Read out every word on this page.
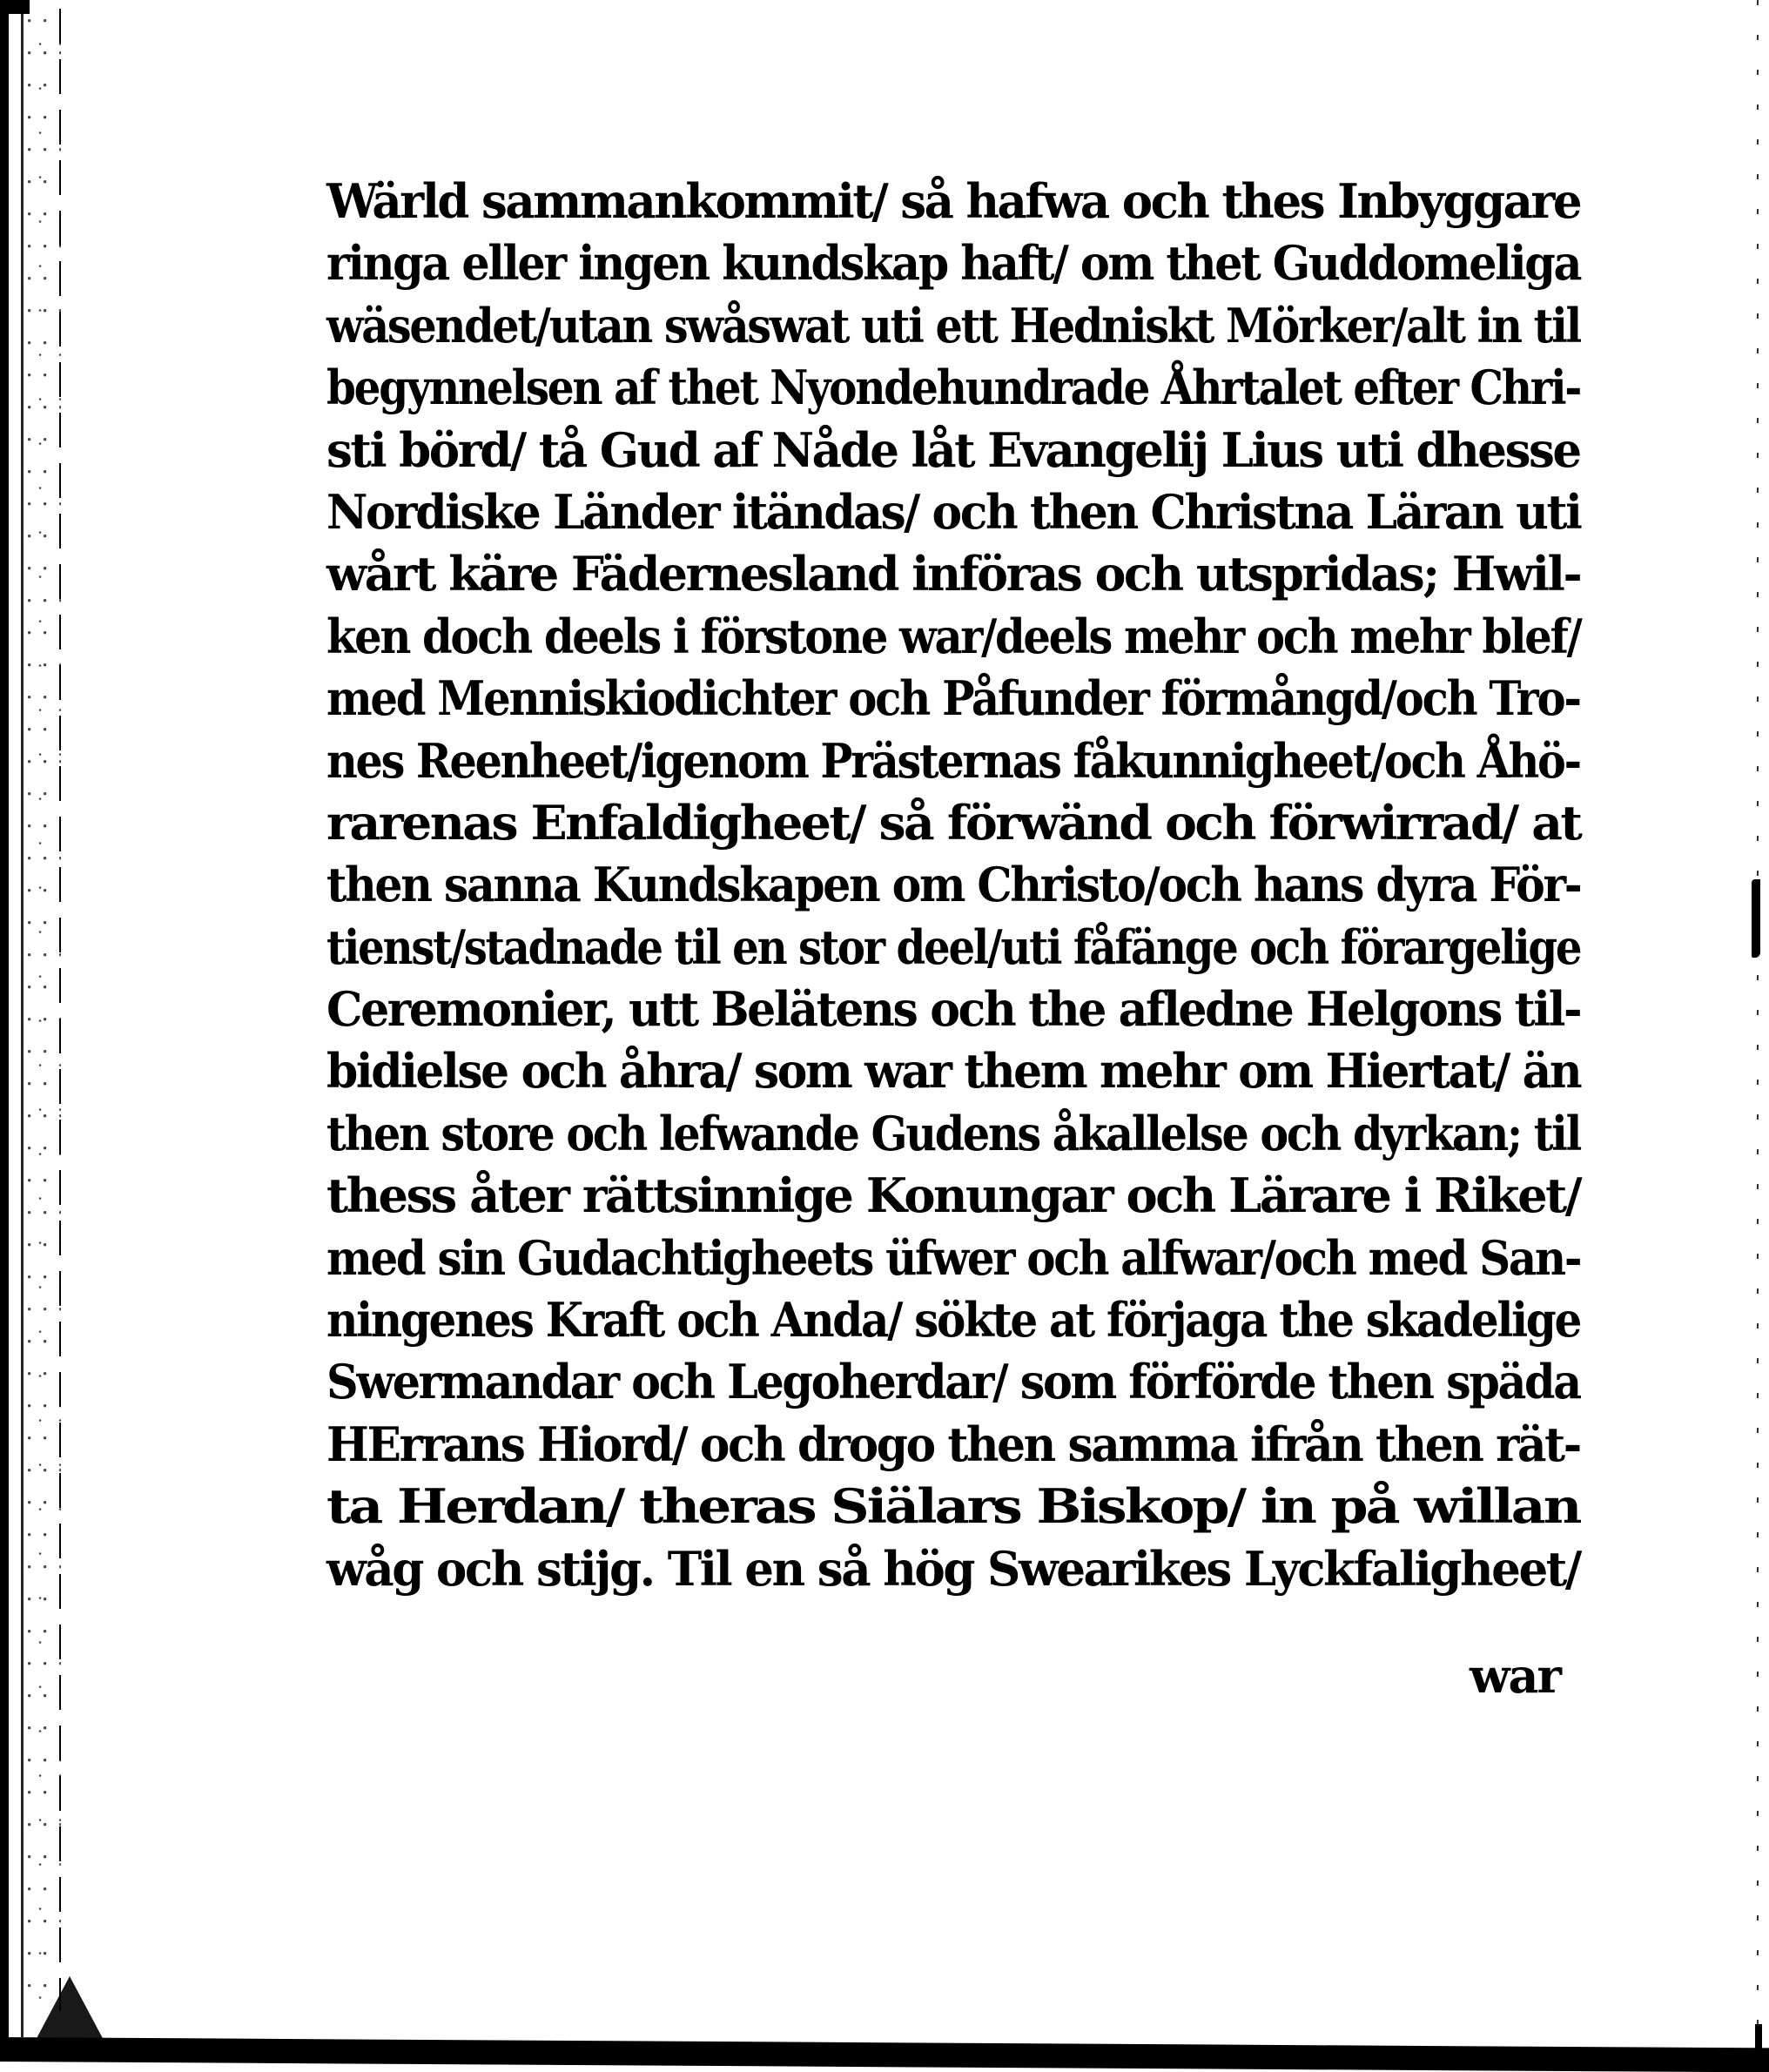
Wärld sammankommit/ så hafwa och thes Inbyggare
ringa eller ingen kundskap haft/ om thet Guddomeliga
wäsendet/utan swåswat uti ett Hedniskt Mörker/alt in til
begynnelsen af thet Nyondehundrade Åhrtalet efter Chri-
sti börd/ tå Gud af Nåde låt Evangelij Lius uti dhesse
Nordiske Länder itändas/ och then Christna Läran uti
wårt käre Fädernesland införas och utspridas; Hwil-
ken doch deels i förstone war/deels mehr och mehr blef/
med Menniskiodichter och Påfunder förmångd/och Tro-
nes Reenheet/igenom Prästernas fåkunnigheet/och Åhö-
rarenas Enfaldigheet/ så förwänd och förwirrad/ at
then sanna Kundskapen om Christo/och hans dyra För-
tienst/stadnade til en stor deel/uti fåfänge och förargelige
Ceremonier, utt Belätens och the afledne Helgons til-
bidielse och åhra/ som war them mehr om Hiertat/ än
then store och lefwande Gudens åkallelse och dyrkan; til
thess åter rättsinnige Konungar och Lärare i Riket/
med sin Gudachtigheets üfwer och alfwar/och med San-
ningenes Kraft och Anda/ sökte at förjaga the skadelige
Swermandar och Legoherdar/ som förförde then späda
HErrans Hiord/ och drogo then samma ifrån then rät-
ta Herdan/ theras Siälars Biskop/ in på willan
wåg och stijg. Til en så hög Swearikes Lyckfaligheet/
war
